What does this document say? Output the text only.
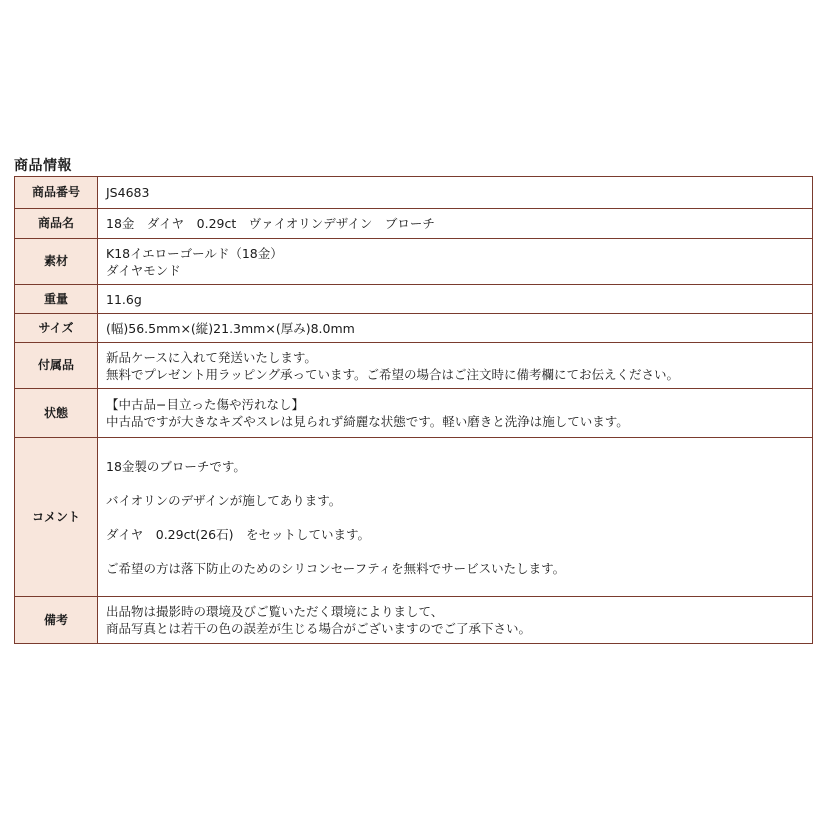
商品情報
商品番号	JS4683

商品名	18金　ダイヤ　0.29ct　ヴァイオリンデザイン　ブローチ

素材	K18イエローゴールド（18金）
ダイヤモンド

重量	11.6g

サイズ	(幅)56.5mm×(縦)21.3mm×(厚み)8.0mm

付属品	新品ケースに入れて発送いたします。
無料でプレゼント用ラッピング承っています。ご希望の場合はご注文時に備考欄にてお伝えください。

状態	【中古品−目立った傷や汚れなし】
中古品ですが大きなキズやスレは見られず綺麗な状態です。軽い磨きと洗浄は施しています。

コメント	18金製のブローチです。
バイオリンのデザインが施してあります。
ダイヤ　0.29ct(26石)　をセットしています。
ご希望の方は落下防止のためのシリコンセーフティを無料でサービスいたします。

備考	出品物は撮影時の環境及びご覧いただく環境によりまして、
商品写真とは若干の色の誤差が生じる場合がございますのでご了承下さい。
